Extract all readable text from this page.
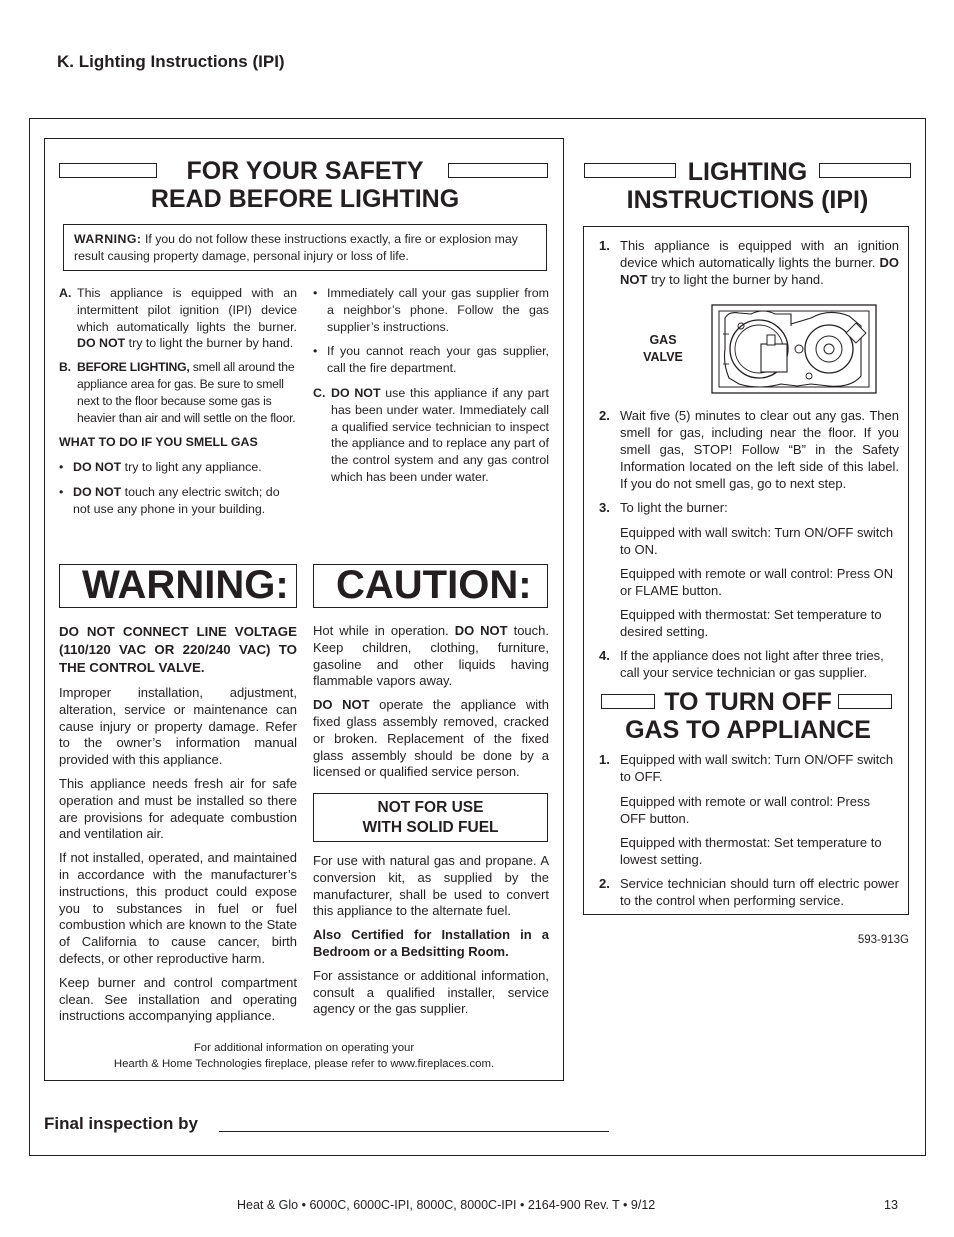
K. Lighting Instructions (IPI)
FOR YOUR SAFETY
READ BEFORE LIGHTING
WARNING: If you do not follow these instructions exactly, a fire or explosion may result causing property damage, personal injury or loss of life.
A. This appliance is equipped with an intermittent pilot ignition (IPI) device which automatically lights the burner. DO NOT try to light the burner by hand.
B. BEFORE LIGHTING, smell all around the appliance area for gas. Be sure to smell next to the floor because some gas is heavier than air and will settle on the floor.
WHAT TO DO IF YOU SMELL GAS
• DO NOT try to light any appliance.
• DO NOT touch any electric switch; do not use any phone in your building.
• Immediately call your gas supplier from a neighbor’s phone. Follow the gas supplier’s instructions.
• If you cannot reach your gas supplier, call the fire department.
C. DO NOT use this appliance if any part has been under water. Immediately call a qualified service technician to inspect the appliance and to replace any part of the control system and any gas control which has been under water.
WARNING:	CAUTION:

DO NOT CONNECT LINE VOLTAGE (110/120 VAC OR 220/240 VAC) TO THE CONTROL VALVE.

Improper installation, adjustment, alteration, service or maintenance can cause injury or property damage. Refer to the owner’s information manual provided with this appliance.

This appliance needs fresh air for safe operation and must be installed so there are provisions for adequate combustion and ventilation air.

If not installed, operated, and maintained in accordance with the manufacturer’s instructions, this product could expose you to substances in fuel or fuel combustion which are known to the State of California to cause cancer, birth defects, or other reproductive harm.

Keep burner and control compartment clean. See installation and operating instructions accompanying appliance.

Hot while in operation. DO NOT touch. Keep children, clothing, furniture, gasoline and other liquids having flammable vapors away.

DO NOT operate the appliance with fixed glass assembly removed, cracked or broken. Replacement of the fixed glass assembly should be done by a licensed or qualified service person.

NOT FOR USE
WITH SOLID FUEL

For use with natural gas and propane. A conversion kit, as supplied by the manufacturer, shall be used to convert this appliance to the alternate fuel.

Also Certified for Installation in a Bedroom or a Bedsitting Room.

For assistance or additional information, consult a qualified installer, service agency or the gas supplier.

For additional information on operating your
Hearth & Home Technologies fireplace, please refer to www.fireplaces.com.
LIGHTING
INSTRUCTIONS (IPI)
1. This appliance is equipped with an ignition device which automatically lights the burner. DO NOT try to light the burner by hand.
GAS
VALVE
2. Wait five (5) minutes to clear out any gas. Then smell for gas, including near the floor. If you smell gas, STOP! Follow “B” in the Safety Information located on the left side of this label. If you do not smell gas, go to next step.
3. To light the burner:
Equipped with wall switch: Turn ON/OFF switch to ON.
Equipped with remote or wall control: Press ON or FLAME button.
Equipped with thermostat: Set temperature to desired setting.
4. If the appliance does not light after three tries, call your service technician or gas supplier.
TO TURN OFF
GAS TO APPLIANCE
1. Equipped with wall switch: Turn ON/OFF switch to OFF.
Equipped with remote or wall control: Press OFF button.
Equipped with thermostat: Set temperature to lowest setting.
2. Service technician should turn off electric power to the control when performing service.
593-913G
Final inspection by
Heat & Glo • 6000C, 6000C-IPI, 8000C, 8000C-IPI • 2164-900 Rev. T • 9/12	13
